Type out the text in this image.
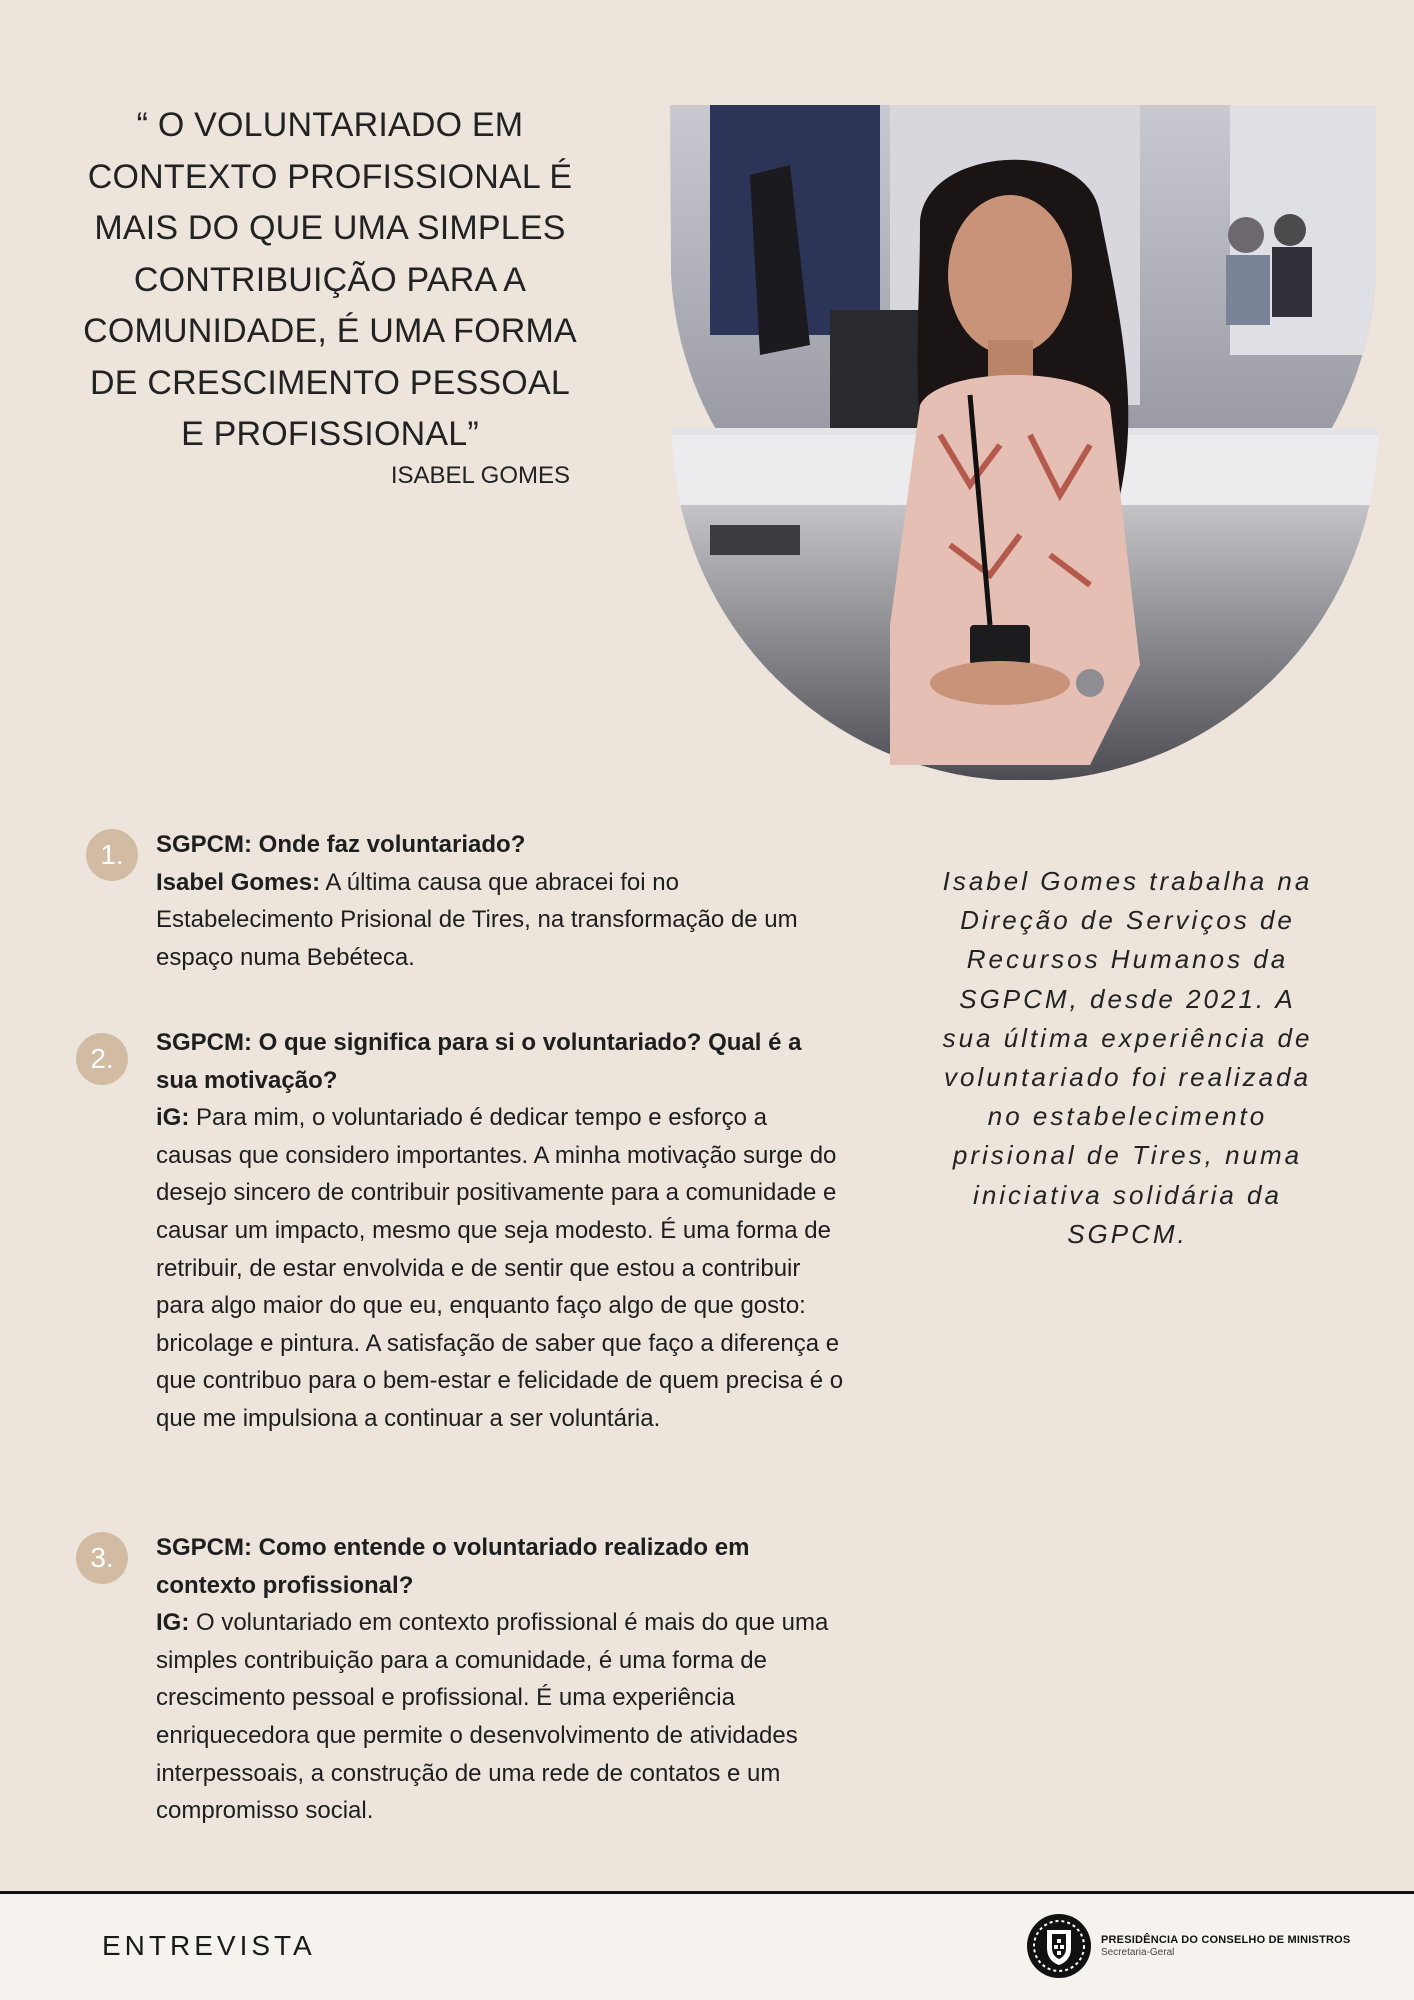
“ O VOLUNTARIADO EM CONTEXTO PROFISSIONAL É MAIS DO QUE UMA SIMPLES CONTRIBUIÇÃO PARA A COMUNIDADE, É UMA FORMA DE CRESCIMENTO PESSOAL E PROFISSIONAL”
ISABEL GOMES
1.	SGPCM: Onde faz voluntariado?
Isabel Gomes: A última causa que abracei foi no Estabelecimento Prisional de Tires, na transformação de um espaço numa Bebéteca.
2.
SGPCM: O que significa para si o voluntariado? Qual é a sua motivação?
iG: Para mim, o voluntariado é dedicar tempo e esforço a causas que considero importantes. A minha motivação surge do desejo sincero de contribuir positivamente para a comunidade e causar um impacto, mesmo que seja modesto. É uma forma de retribuir, de estar envolvida e de sentir que estou a contribuir para algo maior do que eu, enquanto faço algo de que gosto: bricolage e pintura. A satisfação de saber que faço a diferença e que contribuo para o bem-estar e felicidade de quem precisa é o que me impulsiona a continuar a ser voluntária.
3.	SGPCM: Como entende o voluntariado realizado em contexto profissional?
IG: O voluntariado em contexto profissional é mais do que uma simples contribuição para a comunidade, é uma forma de crescimento pessoal e profissional. É uma experiência enriquecedora que permite o desenvolvimento de atividades interpessoais, a construção de uma rede de contatos e um compromisso social.
Isabel Gomes trabalha na Direção de Serviços de Recursos Humanos da SGPCM, desde 2021. A sua última experiência de voluntariado foi realizada no estabelecimento prisional de Tires, numa iniciativa solidária da SGPCM.
ENTREVISTA	PRESIDÊNCIA DO CONSELHO DE MINISTROS
Secretaria-Geral
